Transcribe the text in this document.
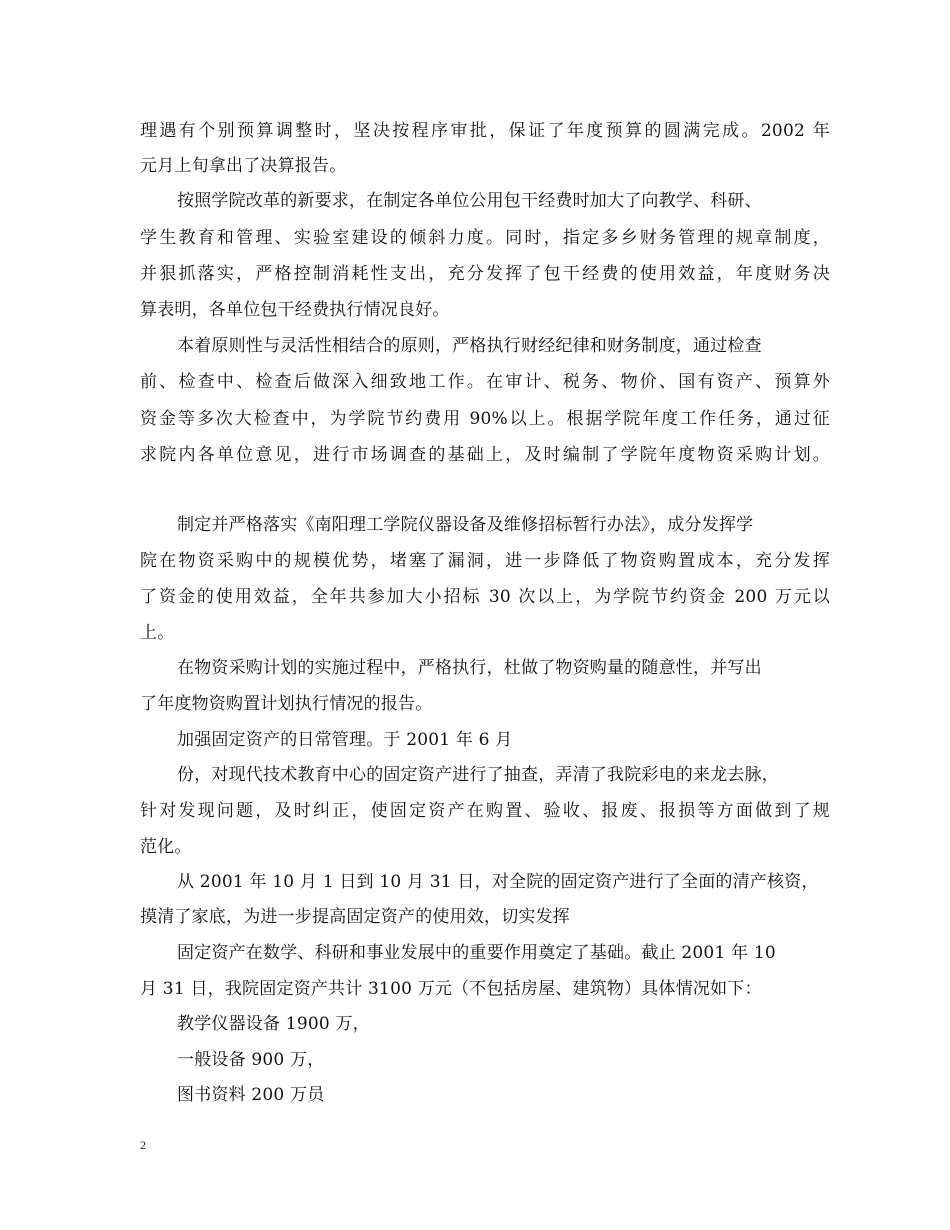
理遇有个别预算调整时，坚决按程序审批，保证了年度预算的圆满完成。2002 年
元月上旬拿出了决算报告。
按照学院改革的新要求，在制定各单位公用包干经费时加大了向教学、科研、
学生教育和管理、实验室建设的倾斜力度。同时，指定多乡财务管理的规章制度，
并狠抓落实，严格控制消耗性支出，充分发挥了包干经费的使用效益，年度财务决
算表明，各单位包干经费执行情况良好。
本着原则性与灵活性相结合的原则，严格执行财经纪律和财务制度，通过检查
前、检查中、检查后做深入细致地工作。在审计、税务、物价、国有资产、预算外
资金等多次大检查中，为学院节约费用 90%以上。根据学院年度工作任务，通过征
求院内各单位意见，进行市场调查的基础上，及时编制了学院年度物资采购计划。
制定并严格落实《南阳理工学院仪器设备及维修招标暂行办法》，成分发挥学
院在物资采购中的规模优势，堵塞了漏洞，进一步降低了物资购置成本，充分发挥
了资金的使用效益，全年共参加大小招标 30 次以上，为学院节约资金 200 万元以
上。
在物资采购计划的实施过程中，严格执行，杜做了物资购量的随意性，并写出
了年度物资购置计划执行情况的报告。
加强固定资产的日常管理。于 2001 年 6 月
份，对现代技术教育中心的固定资产进行了抽查，弄清了我院彩电的来龙去脉，
针对发现问题，及时纠正，使固定资产在购置、验收、报废、报损等方面做到了规
范化。
从 2001 年 10 月 1 日到 10 月 31 日，对全院的固定资产进行了全面的清产核资，
摸清了家底，为进一步提高固定资产的使用效，切实发挥
固定资产在数学、科研和事业发展中的重要作用奠定了基础。截止 2001 年 10
月 31 日，我院固定资产共计 3100 万元（不包括房屋、建筑物）具体情况如下：
教学仪器设备 1900 万，
一般设备 900 万，
图书资料 200 万员
2
